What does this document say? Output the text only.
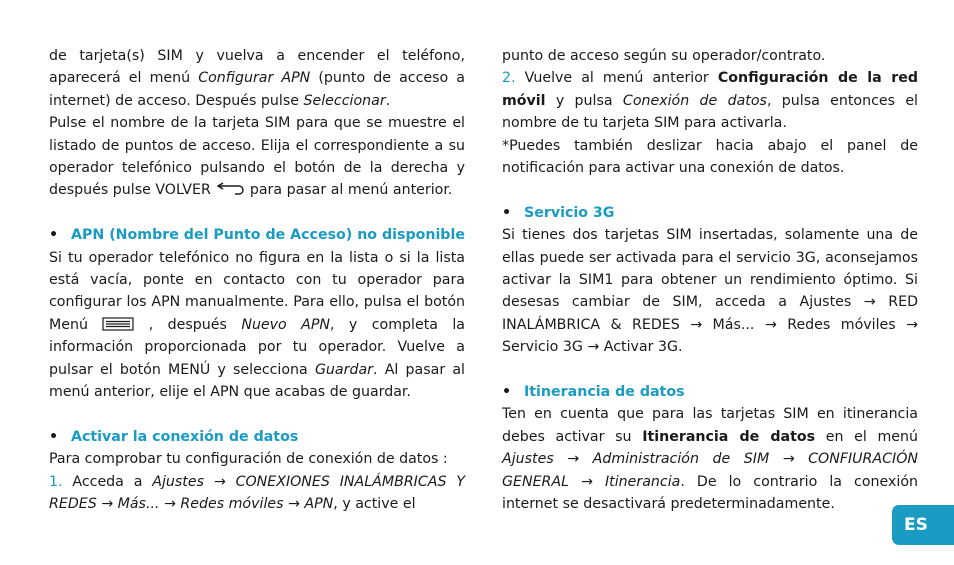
de tarjeta(s) SIM y vuelva a encender el teléfono, aparecerá el menú Configurar APN (punto de acceso a internet) de acceso. Después pulse Seleccionar.

Pulse el nombre de la tarjeta SIM para que se muestre el listado de puntos de acceso. Elija el correspondiente a su operador telefónico pulsando el botón de la derecha y después pulse VOLVER  para pasar al menú anterior.

• APN (Nombre del Punto de Acceso) no disponible

Si tu operador telefónico no figura en la lista o si la lista está vacía, ponte en contacto con tu operador para configurar los APN manualmente. Para ello, pulsa el botón Menú  , después Nuevo APN, y completa la información proporcionada por tu operador. Vuelve a pulsar el botón MENÚ y selecciona Guardar. Al pasar al menú anterior, elije el APN que acabas de guardar.

• Activar la conexión de datos

Para comprobar tu configuración de conexión de datos :

1. Acceda a Ajustes → CONEXIONES INALÁMBRICAS Y REDES → Más... → Redes móviles → APN, y active el

punto de acceso según su operador/contrato.

2. Vuelve al menú anterior Configuración de la red móvil y pulsa Conexión de datos, pulsa entonces el nombre de tu tarjeta SIM para activarla.

*Puedes también deslizar hacia abajo el panel de notificación para activar una conexión de datos.

• Servicio 3G

Si tienes dos tarjetas SIM insertadas, solamente una de ellas puede ser activada para el servicio 3G, aconsejamos activar la SIM1 para obtener un rendimiento óptimo. Si desesas cambiar de SIM, acceda a Ajustes → RED INALÁMBRICA & REDES → Más... → Redes móviles → Servicio 3G → Activar 3G.

• Itinerancia de datos

Ten en cuenta que para las tarjetas SIM en itinerancia debes activar su Itinerancia de datos en el menú Ajustes → Administración de SIM → CONFIURACIÓN GENERAL → Itinerancia. De lo contrario la conexión internet se desactivará predeterminadamente.

ES
